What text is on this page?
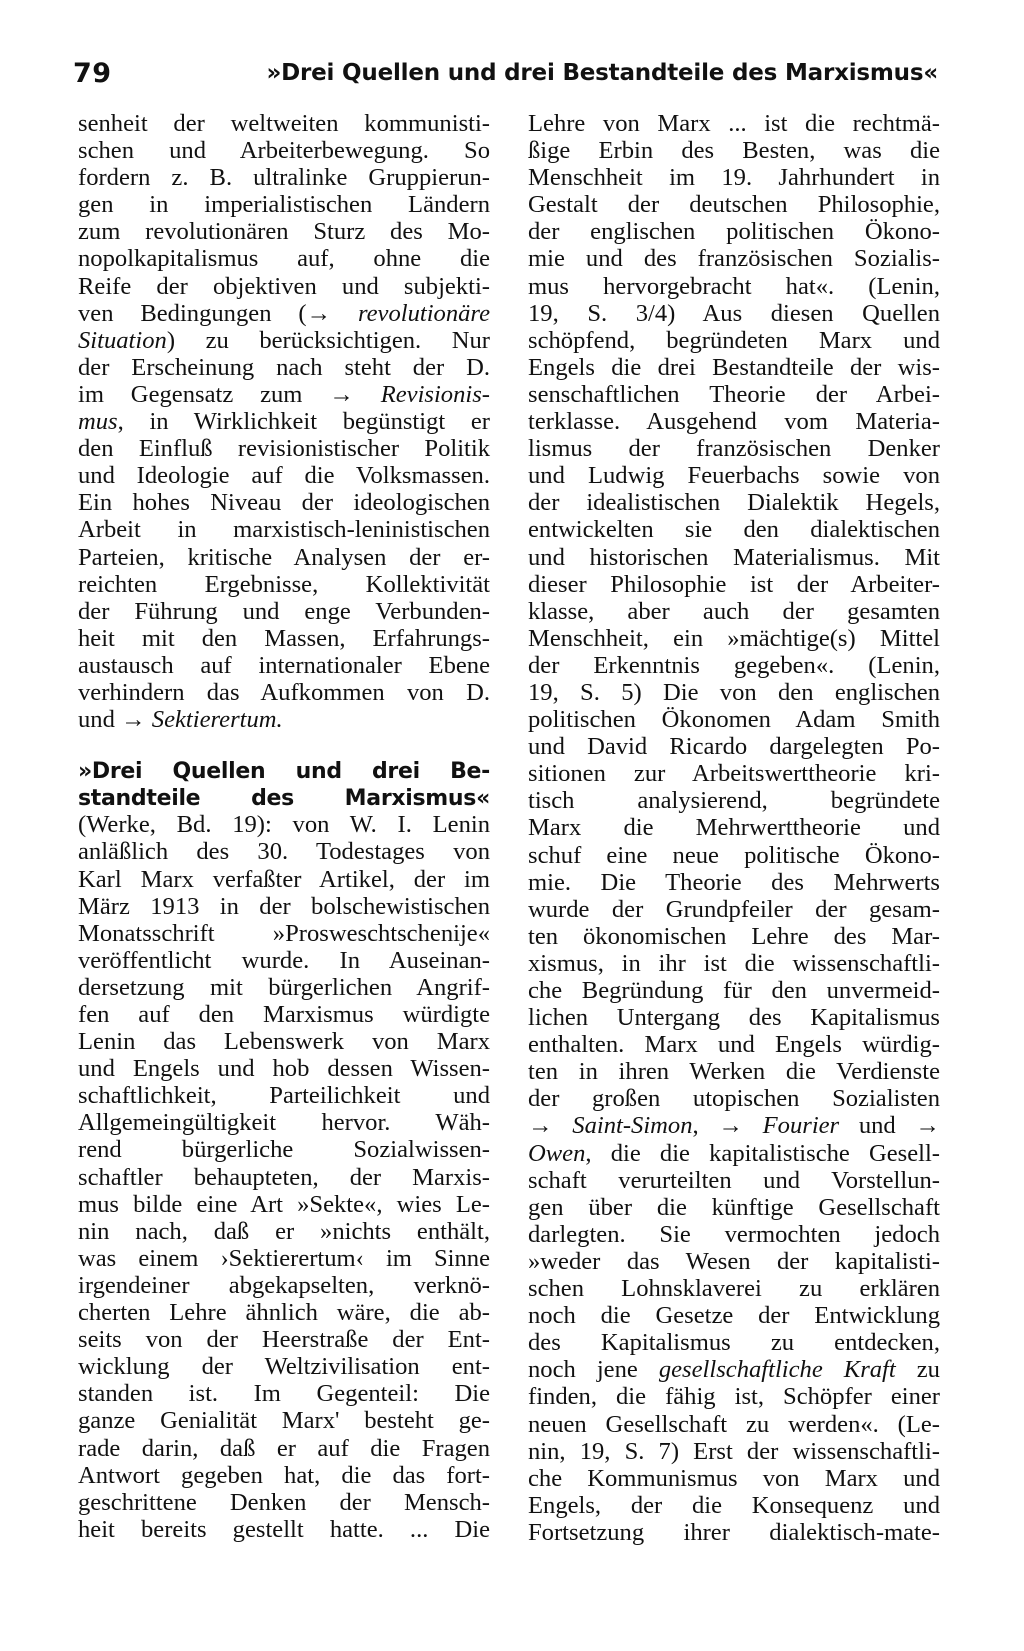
79	»Drei Quellen und drei Bestandteile des Marxismus«
senheit der weltweiten kommunisti-
schen und Arbeiterbewegung. So
fordern z. B. ultralinke Gruppierun-
gen in imperialistischen Ländern
zum revolutionären Sturz des Mo-
nopolkapitalismus auf, ohne die
Reife der objektiven und subjekti-
ven Bedingungen (→ revolutionäre
Situation) zu berücksichtigen. Nur
der Erscheinung nach steht der D.
im Gegensatz zum → Revisionis-
mus, in Wirklichkeit begünstigt er
den Einfluß revisionistischer Politik
und Ideologie auf die Volksmassen.
Ein hohes Niveau der ideologischen
Arbeit in marxistisch-leninistischen
Parteien, kritische Analysen der er-
reichten Ergebnisse, Kollektivität
der Führung und enge Verbunden-
heit mit den Massen, Erfahrungs-
austausch auf internationaler Ebene
verhindern das Aufkommen von D.
und → Sektierertum.
»Drei Quellen und drei Be-
standteile des Marxismus«
(Werke, Bd. 19): von W. I. Lenin
anläßlich des 30. Todestages von
Karl Marx verfaßter Artikel, der im
März 1913 in der bolschewistischen
Monatsschrift »Prosweschtschenije«
veröffentlicht wurde. In Auseinan-
dersetzung mit bürgerlichen Angrif-
fen auf den Marxismus würdigte
Lenin das Lebenswerk von Marx
und Engels und hob dessen Wissen-
schaftlichkeit, Parteilichkeit und
Allgemeingültigkeit hervor. Wäh-
rend bürgerliche Sozialwissen-
schaftler behaupteten, der Marxis-
mus bilde eine Art »Sekte«, wies Le-
nin nach, daß er »nichts enthält,
was einem ›Sektierertum‹ im Sinne
irgendeiner abgekapselten, verknö-
cherten Lehre ähnlich wäre, die ab-
seits von der Heerstraße der Ent-
wicklung der Weltzivilisation ent-
standen ist. Im Gegenteil: Die
ganze Genialität Marx' besteht ge-
rade darin, daß er auf die Fragen
Antwort gegeben hat, die das fort-
geschrittene Denken der Mensch-
heit bereits gestellt hatte. ... Die
Lehre von Marx ... ist die rechtmä-
ßige Erbin des Besten, was die
Menschheit im 19. Jahrhundert in
Gestalt der deutschen Philosophie,
der englischen politischen Ökono-
mie und des französischen Sozialis-
mus hervorgebracht hat«. (Lenin,
19, S. 3/4) Aus diesen Quellen
schöpfend, begründeten Marx und
Engels die drei Bestandteile der wis-
senschaftlichen Theorie der Arbei-
terklasse. Ausgehend vom Materia-
lismus der französischen Denker
und Ludwig Feuerbachs sowie von
der idealistischen Dialektik Hegels,
entwickelten sie den dialektischen
und historischen Materialismus. Mit
dieser Philosophie ist der Arbeiter-
klasse, aber auch der gesamten
Menschheit, ein »mächtige(s) Mittel
der Erkenntnis gegeben«. (Lenin,
19, S. 5) Die von den englischen
politischen Ökonomen Adam Smith
und David Ricardo dargelegten Po-
sitionen zur Arbeitswerttheorie kri-
tisch analysierend, begründete
Marx die Mehrwerttheorie und
schuf eine neue politische Ökono-
mie. Die Theorie des Mehrwerts
wurde der Grundpfeiler der gesam-
ten ökonomischen Lehre des Mar-
xismus, in ihr ist die wissenschaftli-
che Begründung für den unvermeid-
lichen Untergang des Kapitalismus
enthalten. Marx und Engels würdig-
ten in ihren Werken die Verdienste
der großen utopischen Sozialisten
→ Saint-Simon, → Fourier und →
Owen, die die kapitalistische Gesell-
schaft verurteilten und Vorstellun-
gen über die künftige Gesellschaft
darlegten. Sie vermochten jedoch
»weder das Wesen der kapitalisti-
schen Lohnsklaverei zu erklären
noch die Gesetze der Entwicklung
des Kapitalismus zu entdecken,
noch jene gesellschaftliche Kraft zu
finden, die fähig ist, Schöpfer einer
neuen Gesellschaft zu werden«. (Le-
nin, 19, S. 7) Erst der wissenschaftli-
che Kommunismus von Marx und
Engels, der die Konsequenz und
Fortsetzung ihrer dialektisch-mate-
